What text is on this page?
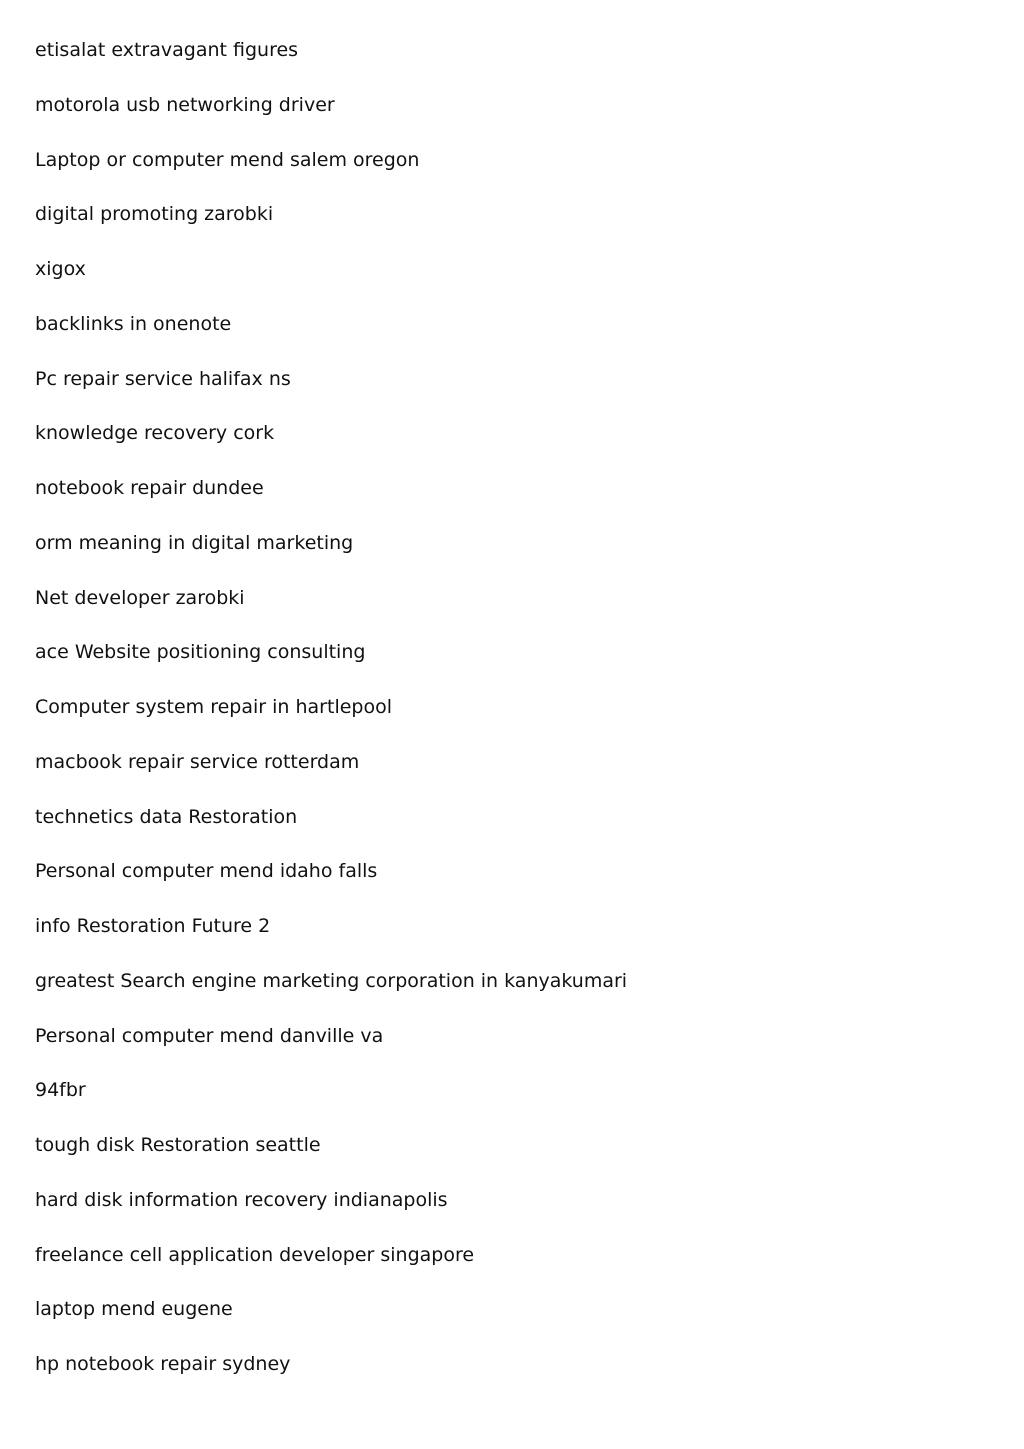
etisalat extravagant figures
motorola usb networking driver
Laptop or computer mend salem oregon
digital promoting zarobki
xigox
backlinks in onenote
Pc repair service halifax ns
knowledge recovery cork
notebook repair dundee
orm meaning in digital marketing
Net developer zarobki
ace Website positioning consulting
Computer system repair in hartlepool
macbook repair service rotterdam
technetics data Restoration
Personal computer mend idaho falls
info Restoration Future 2
greatest Search engine marketing corporation in kanyakumari
Personal computer mend danville va
94fbr
tough disk Restoration seattle
hard disk information recovery indianapolis
freelance cell application developer singapore
laptop mend eugene
hp notebook repair sydney
